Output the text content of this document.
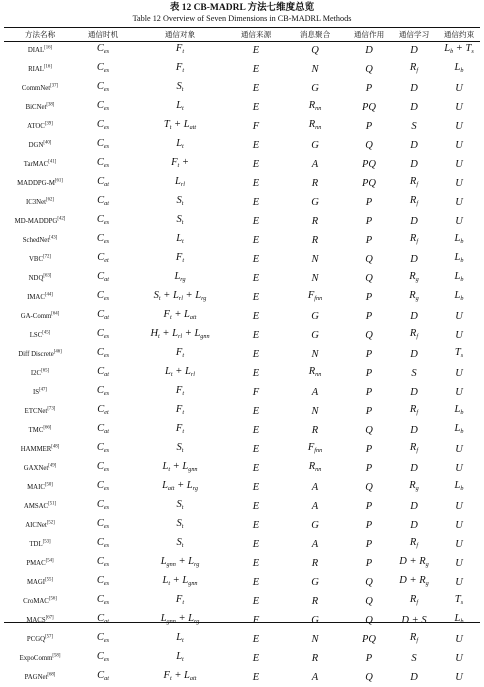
表 12 CB-MADRL 方法七维度总览
Table 12 Overview of Seven Dimensions in CB-MADRL Methods
方法名称	通信时机	通信对象	通信来源	消息聚合	通信作用	通信学习	通信约束
DIAL[16]	$C_{es}$	$F_t$	E	Q	D	D	$L_b + T_s$
RIAL[16]	$C_{es}$	$F_t$	E	N	Q	$R_f$	$L_b$
CommNet[37]	$C_{es}$	$S_t$	E	G	P	D	U
BiCNet[38]	$C_{es}$	$L_t$	E	$R_{nn}$	PQ	D	U
ATOC[39]	$C_{es}$	$T_t + L_{att}$	F	$R_{nn}$	P	S	U
DGN[40]	$C_{es}$	$L_t$	E	G	Q	D	U
TarMAC[41]	$C_{es}$	$F_t$ +	E	A	PQ	D	U
MADDPG-M[61]	$C_{at}$	$L_{rl}$	E	R	PQ	$R_f$	U
IC3Net[62]	$C_{at}$	$S_t$	E	G	P	$R_f$	U
MD-MADDPG[42]	$C_{es}$	$S_t$	E	R	P	D	U
SchedNet[43]	$C_{es}$	$L_t$	E	R	P	$R_f$	$L_b$
VBC[72]	$C_{et}$	$F_t$	E	N	Q	D	$L_b$
NDQ[63]	$C_{at}$	$L_{rg}$	E	N	Q	$R_g$	$L_b$
IMAC[44]	$C_{es}$	$S_t + L_{rl} + L_{rg}$	E	$F_{fnn}$	P	$R_g$	$L_b$
GA-Comm[64]	$C_{at}$	$F_t + L_{att}$	E	G	P	D	U
LSC[45]	$C_{es}$	$H_t + L_{rl} + L_{gnn}$	E	G	Q	$R_f$	U
Diff Discrete[46]	$C_{es}$	$F_t$	E	N	P	D	$T_s$
I2C[65]	$C_{at}$	$L_t + L_{rl}$	E	$R_{nn}$	P	S	U
IS[47]	$C_{es}$	$F_t$	F	A	P	D	U
ETCNet[73]	$C_{et}$	$F_t$	E	N	P	$R_f$	$L_b$
TMC[66]	$C_{at}$	$F_t$	E	R	Q	D	$L_b$
HAMMER[48]	$C_{es}$	$S_t$	E	$F_{fnn}$	P	$R_f$	U
GAXNet[49]	$C_{es}$	$L_t + L_{gnn}$	E	$R_{nn}$	P	D	U
MAIC[50]	$C_{es}$	$L_{att} + L_{rg}$	E	A	Q	$R_g$	$L_b$
AMSAC[51]	$C_{es}$	$S_t$	E	A	P	D	U
AICNet[52]	$C_{es}$	$S_t$	E	G	P	D	U
TDL[53]	$C_{es}$	$S_t$	E	A	P	$R_f$	U
PMAC[54]	$C_{es}$	$L_{gnn} + L_{rg}$	E	R	P	$D + R_g$	U
MAGI[55]	$C_{es}$	$L_t + L_{gnn}$	E	G	Q	$D + R_g$	U
CroMAC[56]	$C_{es}$	$F_t$	E	R	Q	$R_f$	$T_s$
MACS[67]	$C_{at}$	$L_{gnn} + L_{rg}$	F	G	Q	D + S	$L_b$
PCGQ[57]	$C_{es}$	$L_t$	E	N	PQ	$R_f$	U
ExpoComm[58]	$C_{es}$	$L_t$	E	R	P	S	U
PAGNet[68]	$C_{at}$	$F_t + L_{att}$	E	A	Q	D	U
